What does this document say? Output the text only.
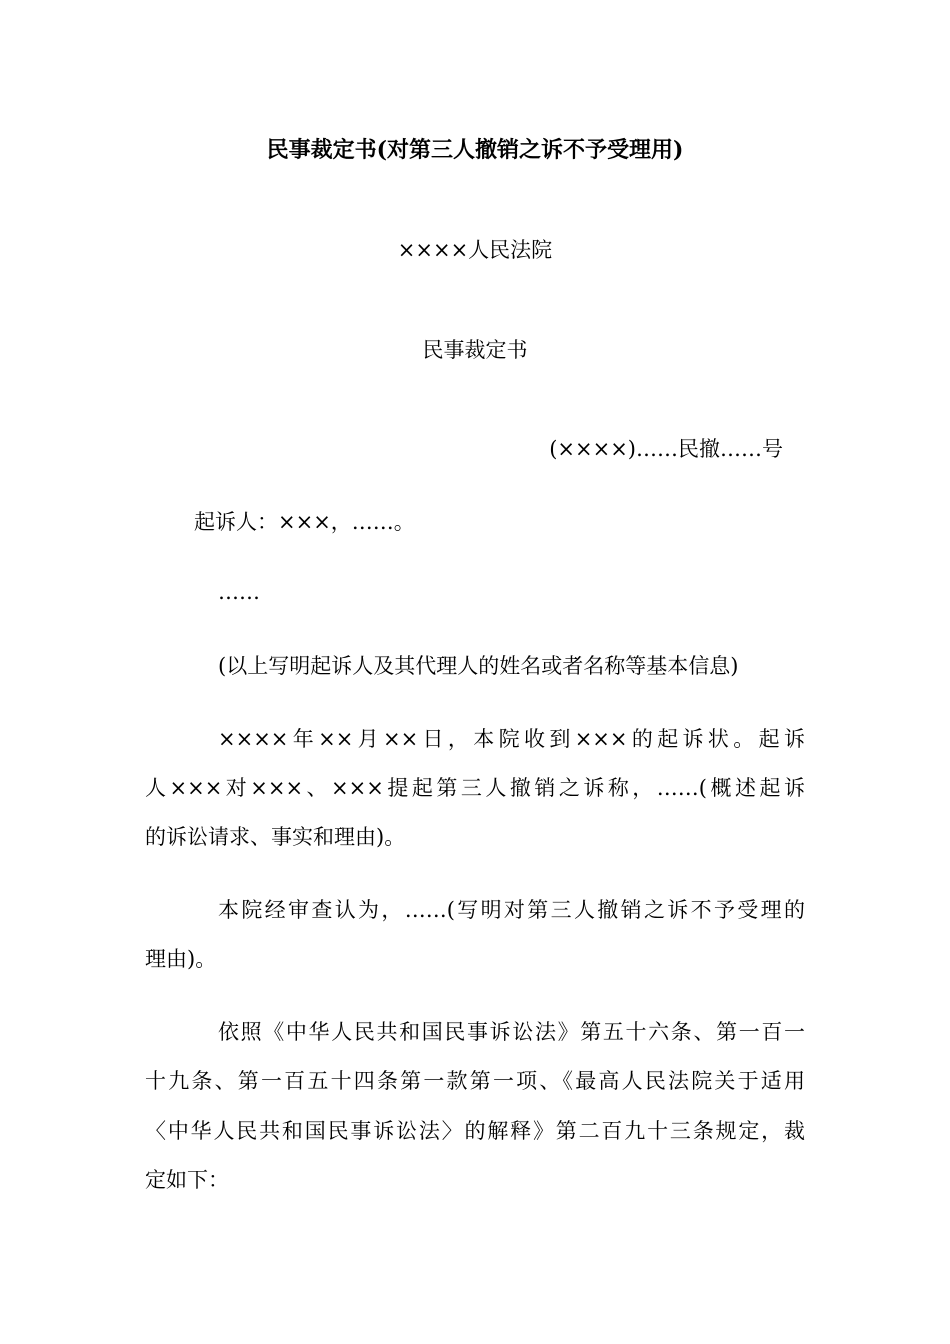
民事裁定书(对第三人撤销之诉不予受理用)
××××人民法院
民事裁定书
(××××)……民撤……号
起诉人：×××，……。
……
(以上写明起诉人及其代理人的姓名或者名称等基本信息)
××××年××月××日，本院收到×××的起诉状。起诉
人×××对×××、×××提起第三人撤销之诉称，……(概述起诉
的诉讼请求、事实和理由)。
本院经审查认为，……(写明对第三人撤销之诉不予受理的
理由)。
依照《中华人民共和国民事诉讼法》第五十六条、第一百一
十九条、第一百五十四条第一款第一项、《最高人民法院关于适用
〈中华人民共和国民事诉讼法〉的解释》第二百九十三条规定，裁
定如下：
